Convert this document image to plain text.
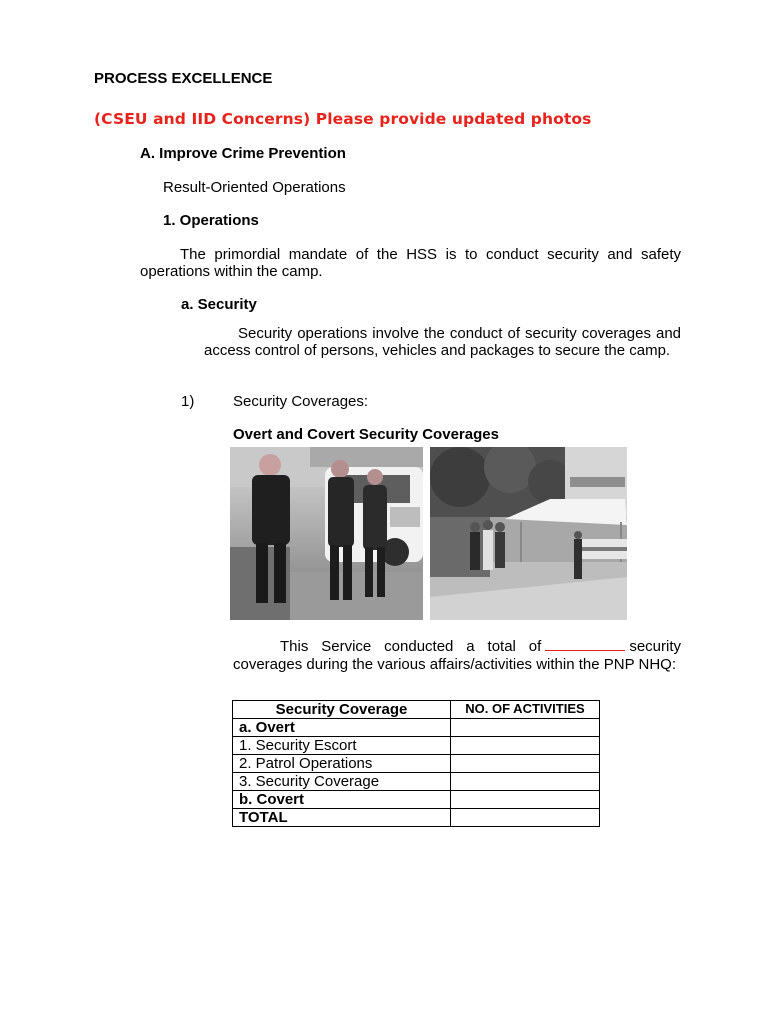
PROCESS EXCELLENCE
(CSEU and IID Concerns) Please provide updated photos
A. Improve Crime Prevention
Result-Oriented Operations
1. Operations
The primordial mandate of the HSS is to conduct security and safety operations within the camp.
a. Security
Security operations involve the conduct of security coverages and access control of persons, vehicles and packages to secure the camp.
1)	Security Coverages:
Overt and Covert Security Coverages
This Service conducted a total of	security coverages during the various affairs/activities within the PNP NHQ:
Security Coverage	NO. OF ACTIVITIES
a. Overt	
1. Security Escort	
2. Patrol Operations	
3. Security Coverage	
b. Covert	
TOTAL	
